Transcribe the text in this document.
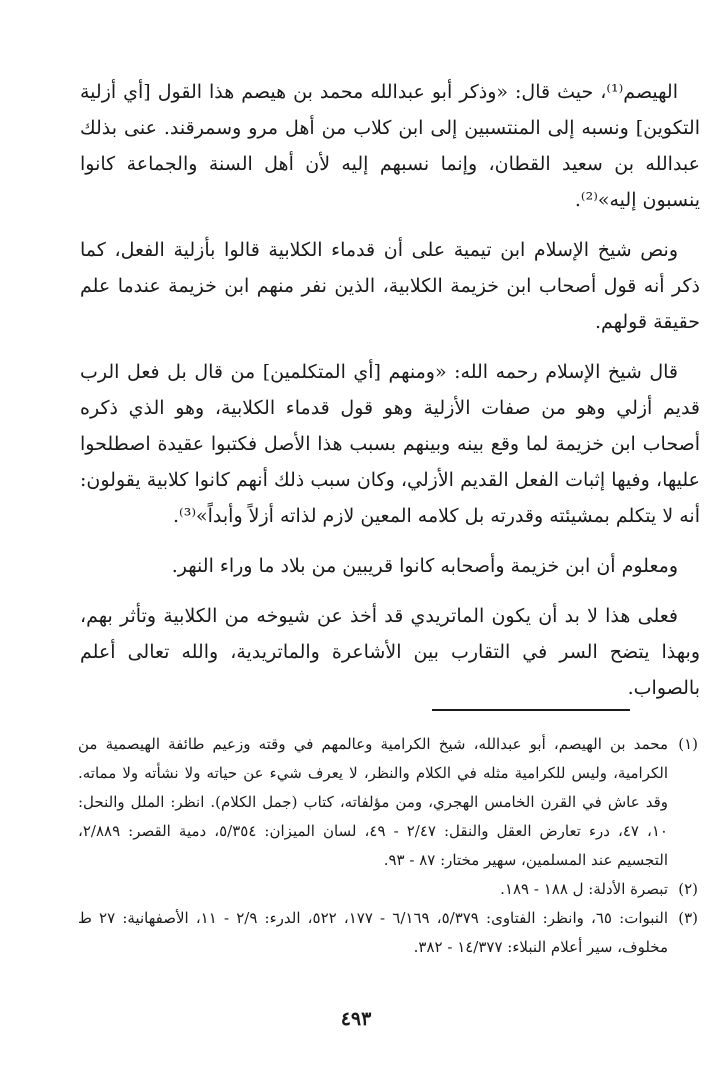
الهيصم⁽¹⁾، حيث قال: «وذكر أبو عبدالله محمد بن هيصم هذا القول [أي أزلية التكوين] ونسبه إلى المنتسبين إلى ابن كلاب من أهل مرو وسمرقند. عنى بذلك عبدالله بن سعيد القطان، وإنما نسبهم إليه لأن أهل السنة والجماعة كانوا ينسبون إليه»⁽²⁾.

ونص شيخ الإسلام ابن تيمية على أن قدماء الكلابية قالوا بأزلية الفعل، كما ذكر أنه قول أصحاب ابن خزيمة الكلابية، الذين نفر منهم ابن خزيمة عندما علم حقيقة قولهم.

قال شيخ الإسلام رحمه الله: «ومنهم [أي المتكلمين] من قال بل فعل الرب قديم أزلي وهو من صفات الأزلية وهو قول قدماء الكلابية، وهو الذي ذكره أصحاب ابن خزيمة لما وقع بينه وبينهم بسبب هذا الأصل فكتبوا عقيدة اصطلحوا عليها، وفيها إثبات الفعل القديم الأزلي، وكان سبب ذلك أنهم كانوا كلابية يقولون: أنه لا يتكلم بمشيئته وقدرته بل كلامه المعين لازم لذاته أزلاً وأبداً»⁽³⁾.

ومعلوم أن ابن خزيمة وأصحابه كانوا قريبين من بلاد ما وراء النهر.

فعلى هذا لا بد أن يكون الماتريدي قد أخذ عن شيوخه من الكلابية وتأثر بهم، وبهذا يتضح السر في التقارب بين الأشاعرة والماتريدية، والله تعالى أعلم بالصواب.

(١)
محمد بن الهيصم، أبو عبدالله، شيخ الكرامية وعالمهم في وقته وزعيم طائفة الهيصمية من الكرامية، وليس للكرامية مثله في الكلام والنظر، لا يعرف شيء عن حياته ولا نشأته ولا مماته. وقد عاش في القرن الخامس الهجري، ومن مؤلفاته، كتاب (جمل الكلام). انظر: الملل والنحل: ١٠، ٤٧، درء تعارض العقل والنقل: ٢/٤٧ - ٤٩، لسان الميزان: ٥/٣٥٤، دمية القصر: ٢/٨٨٩، التجسيم عند المسلمين، سهير مختار: ٨٧ - ٩٣.

(٢)
تبصرة الأدلة: ل ١٨٨ - ١٨٩.

(٣)
النبوات: ٦٥، وانظر: الفتاوى: ٥/٣٧٩، ٦/١٦٩ - ١٧٧، ٥٢٢، الدرء: ٢/٩ - ١١، الأصفهانية: ٢٧ ط مخلوف، سير أعلام النبلاء: ١٤/٣٧٧ - ٣٨٢.

٤٩٣
